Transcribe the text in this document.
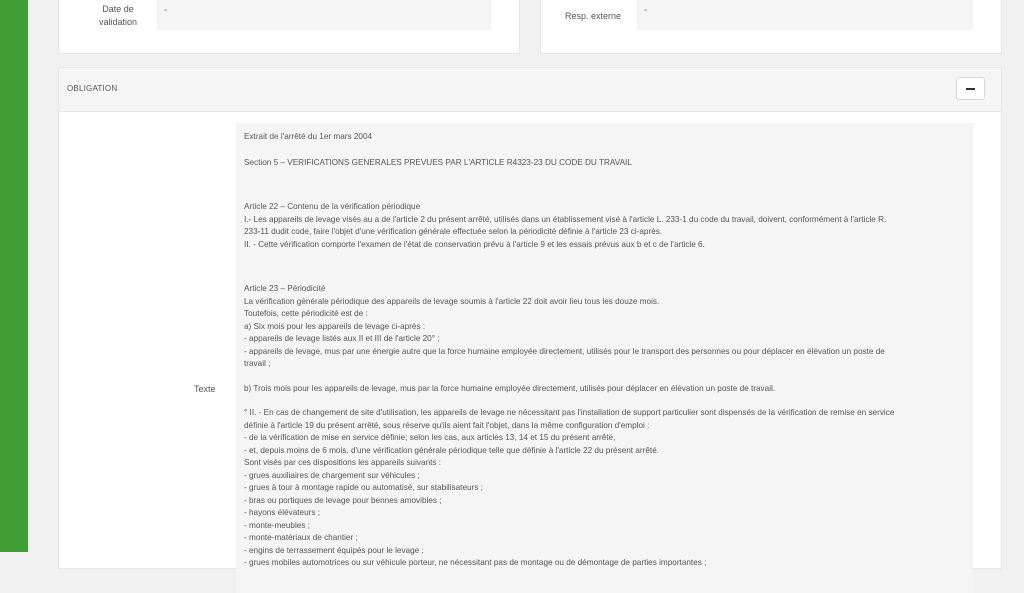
Date de
validation
-	Resp. externe	-
OBLIGATION
Texte

Extrait de l'arrêté du 1er mars 2004

Section 5 – VERIFICATIONS GENERALES PREVUES PAR L'ARTICLE R4323-23 DU CODE DU TRAVAIL

Article 22 – Contenu de la vérification périodique

I.- Les appareils de levage visés au a de l'article 2 du présent arrêté, utilisés dans un établissement visé à l'article L. 233-1 du code du travail, doivent, conformément à l'article R.

233-11 dudit code, faire l'objet d'une vérification générale effectuée selon la périodicité définie à l'article 23 ci-après.

II. - Cette vérification comporte l'examen de l'état de conservation prévu à l'article 9 et les essais prévus aux b et c de l'article 6.

Article 23 – Périodicité

La vérification générale périodique des appareils de levage soumis à l'article 22 doit avoir lieu tous les douze mois.

Toutefois, cette périodicité est de :

a) Six mois pour les appareils de levage ci-après :

- appareils de levage listés aux II et III de l'article 20° ;

- appareils de levage, mus par une énergie autre que la force humaine employée directement, utilisés pour le transport des personnes ou pour déplacer en élévation un poste de

travail ;

b) Trois mois pour les appareils de levage, mus par la force humaine employée directement, utilisés pour déplacer en élévation un poste de travail.

° II. - En cas de changement de site d'utilisation, les appareils de levage ne nécessitant pas l'installation de support particulier sont dispensés de la vérification de remise en service

définie à l'article 19 du présent arrêté, sous réserve qu'ils aient fait l'objet, dans la même configuration d'emploi :

- de la vérification de mise en service définie; selon les cas, aux articles 13, 14 et 15 du présent arrêté,

- et, depuis moins de 6 mois, d'une vérification générale périodique telle que définie à l'article 22 du présent arrêté.

Sont visés par ces dispositions les appareils suivants :

- grues auxiliaires de chargement sur véhicules ;

- grues à tour à montage rapide ou automatisé, sur stabilisateurs ;

- bras ou portiques de levage pour bennes amovibles ;

- hayons élévateurs ;

- monte-meubles ;

- monte-matériaux de chantier ;

- engins de terrassement équipés pour le levage ;

- grues mobiles automotrices ou sur véhicule porteur, ne nécessitant pas de montage ou de démontage de parties importantes ;
